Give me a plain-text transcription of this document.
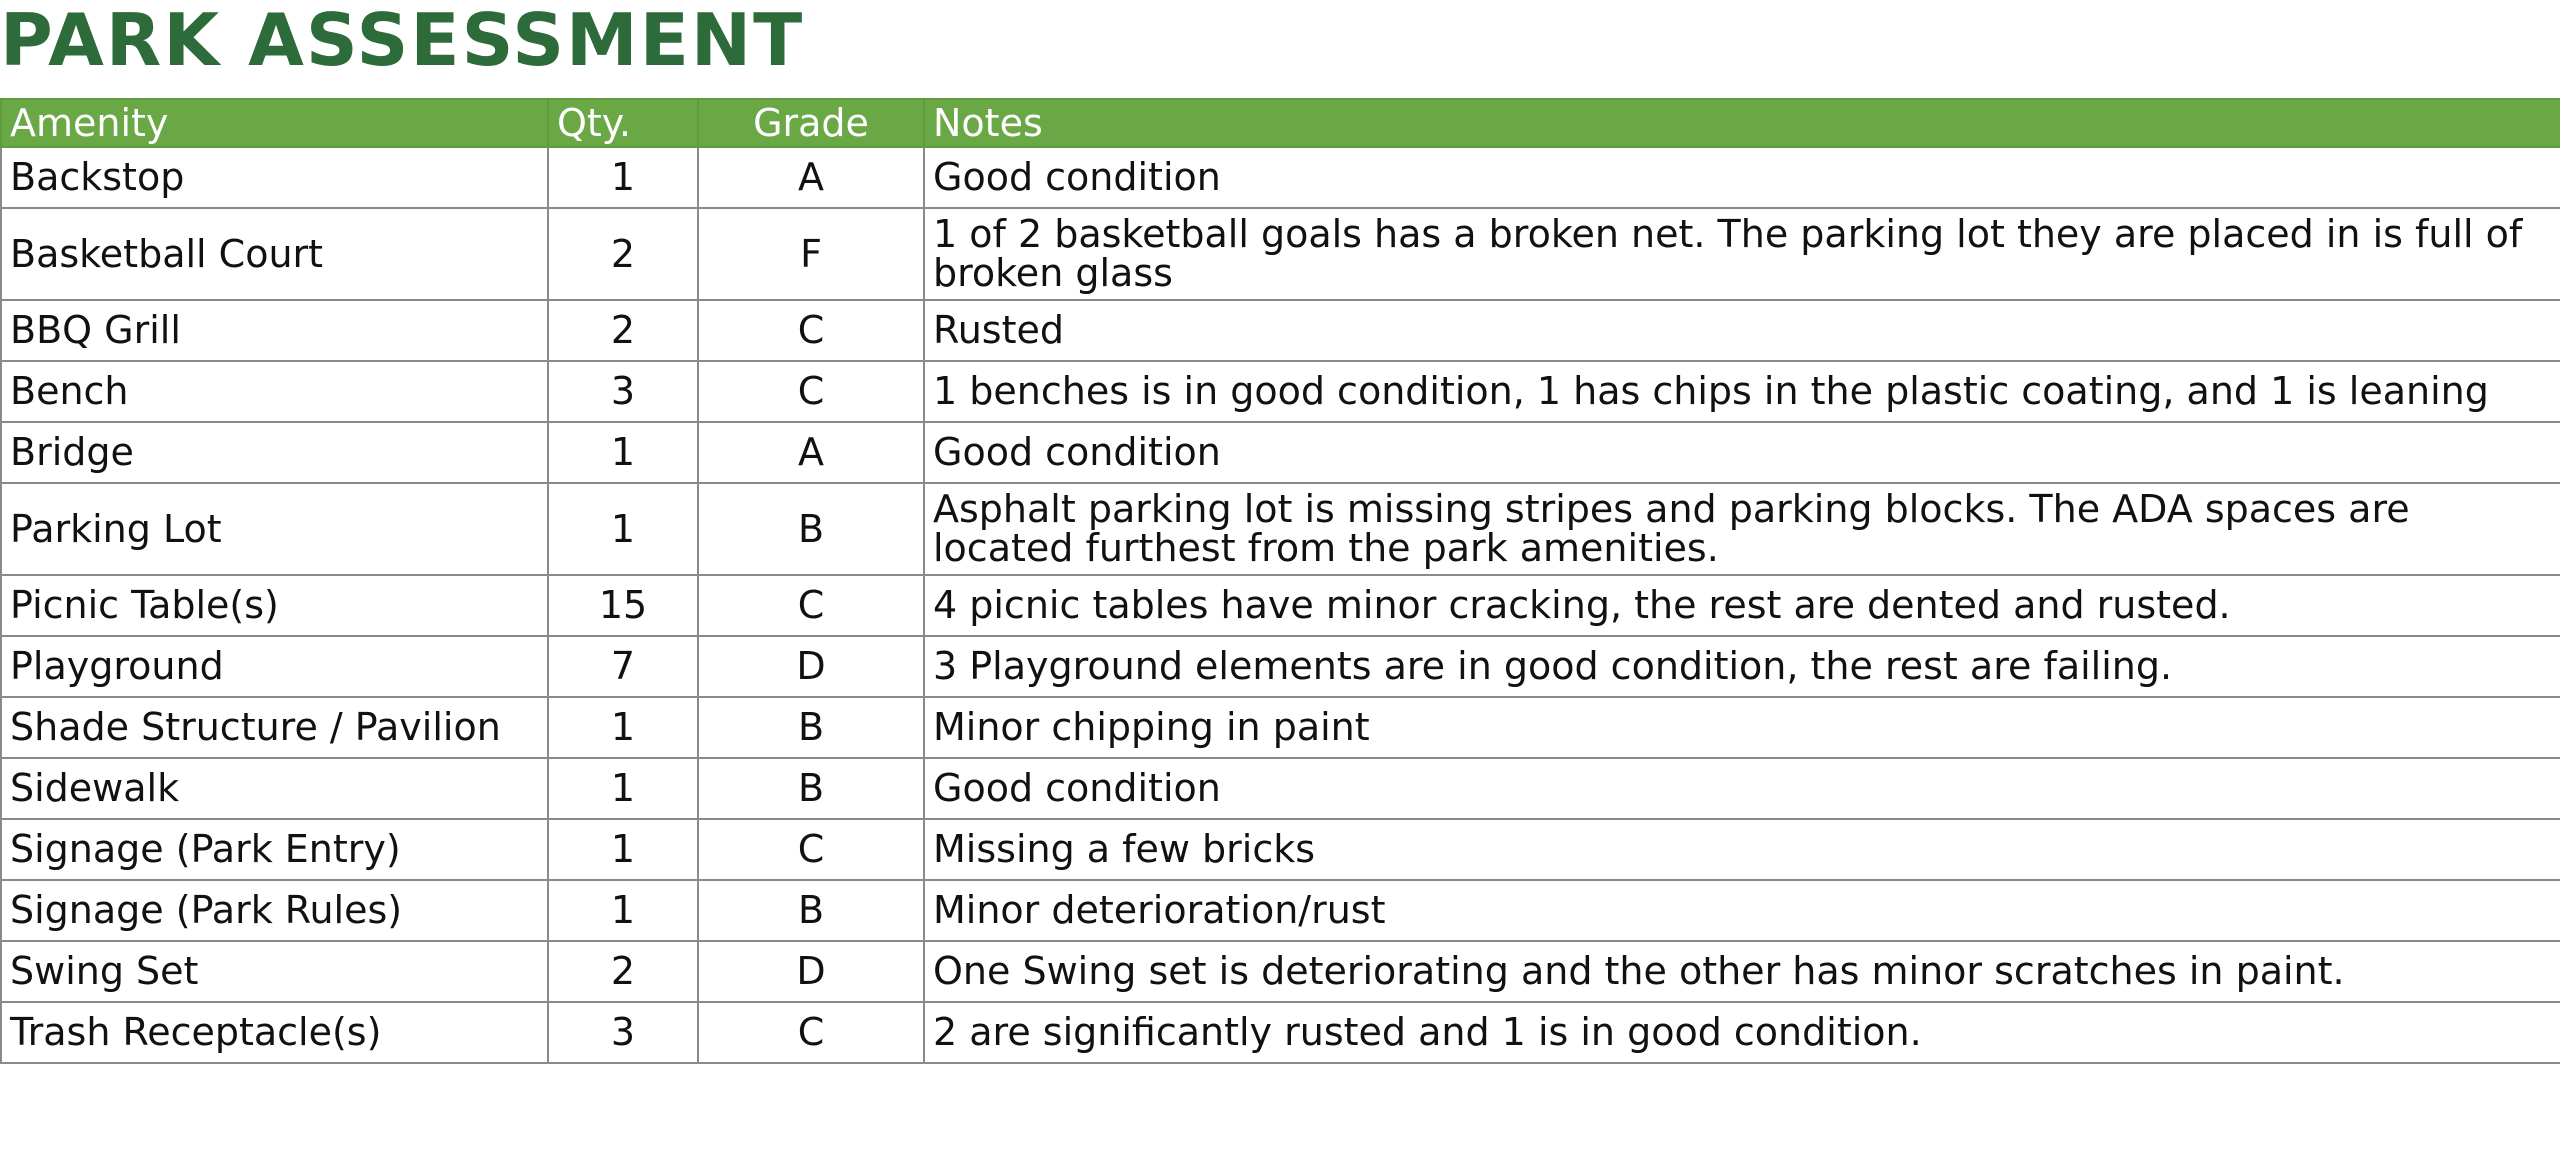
PARK ASSESSMENT
Amenity	Qty.	Grade	Notes
Backstop	1	A	Good condition
Basketball Court	2	F	1 of 2 basketball goals has a broken net. The parking lot they are placed in is full of broken glass
BBQ Grill	2	C	Rusted
Bench	3	C	1 benches is in good condition, 1 has chips in the plastic coating, and 1 is leaning
Bridge	1	A	Good condition
Parking Lot	1	B	Asphalt parking lot is missing stripes and parking blocks. The ADA spaces are located furthest from the park amenities.
Picnic Table(s)	15	C	4 picnic tables have minor cracking, the rest are dented and rusted.
Playground	7	D	3 Playground elements are in good condition, the rest are failing.
Shade Structure / Pavilion	1	B	Minor chipping in paint
Sidewalk	1	B	Good condition
Signage (Park Entry)	1	C	Missing a few bricks
Signage (Park Rules)	1	B	Minor deterioration/rust
Swing Set	2	D	One Swing set is deteriorating and the other has minor scratches in paint.
Trash Receptacle(s)	3	C	2 are significantly rusted and 1 is in good condition.
